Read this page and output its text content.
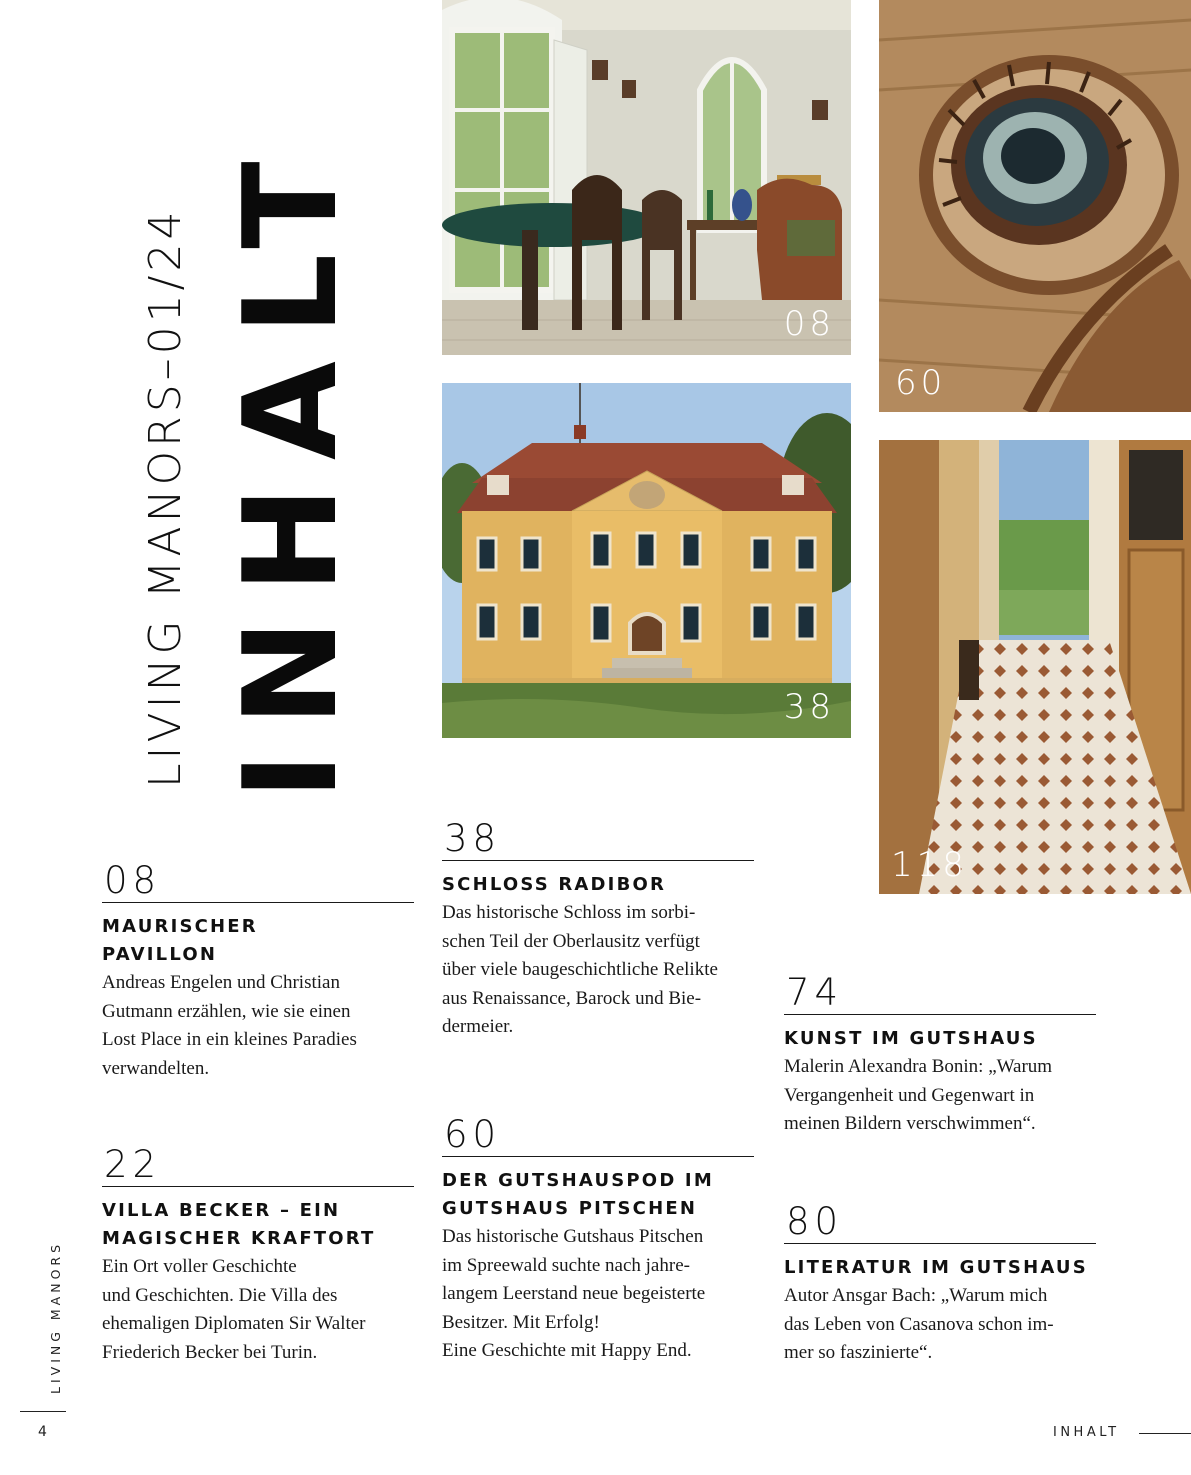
LIVING MANORS–01/24 INHALT	08
60
38
118
08
MAURISCHER
PAVILLON
Andreas Engelen und Christian
Gutmann erzählen, wie sie einen
Lost Place in ein kleines Paradies
verwandelten.
22
VILLA BECKER – EIN
MAGISCHER KRAFTORT
Ein Ort voller Geschichte
und Geschichten. Die Villa des
ehemaligen Diplomaten Sir Walter
Friederich Becker bei Turin.
38
SCHLOSS RADIBOR
Das historische Schloss im sorbi-
schen Teil der Oberlausitz verfügt
über viele baugeschichtliche Relikte
aus Renaissance, Barock und Bie-
dermeier.
60
DER GUTSHAUSPOD IM
GUTSHAUS PITSCHEN
Das historische Gutshaus Pitschen
im Spreewald suchte nach jahre-
langem Leerstand neue begeisterte
Besitzer. Mit Erfolg!
Eine Geschichte mit Happy End.
74
KUNST IM GUTSHAUS
Malerin Alexandra Bonin: „Warum
Vergangenheit und Gegenwart in
meinen Bildern verschwimmen“.
80
LITERATUR IM GUTSHAUS
Autor Ansgar Bach: „Warum mich
das Leben von Casanova schon im-
mer so faszinierte“.
LIVING MANORS
4	INHALT
